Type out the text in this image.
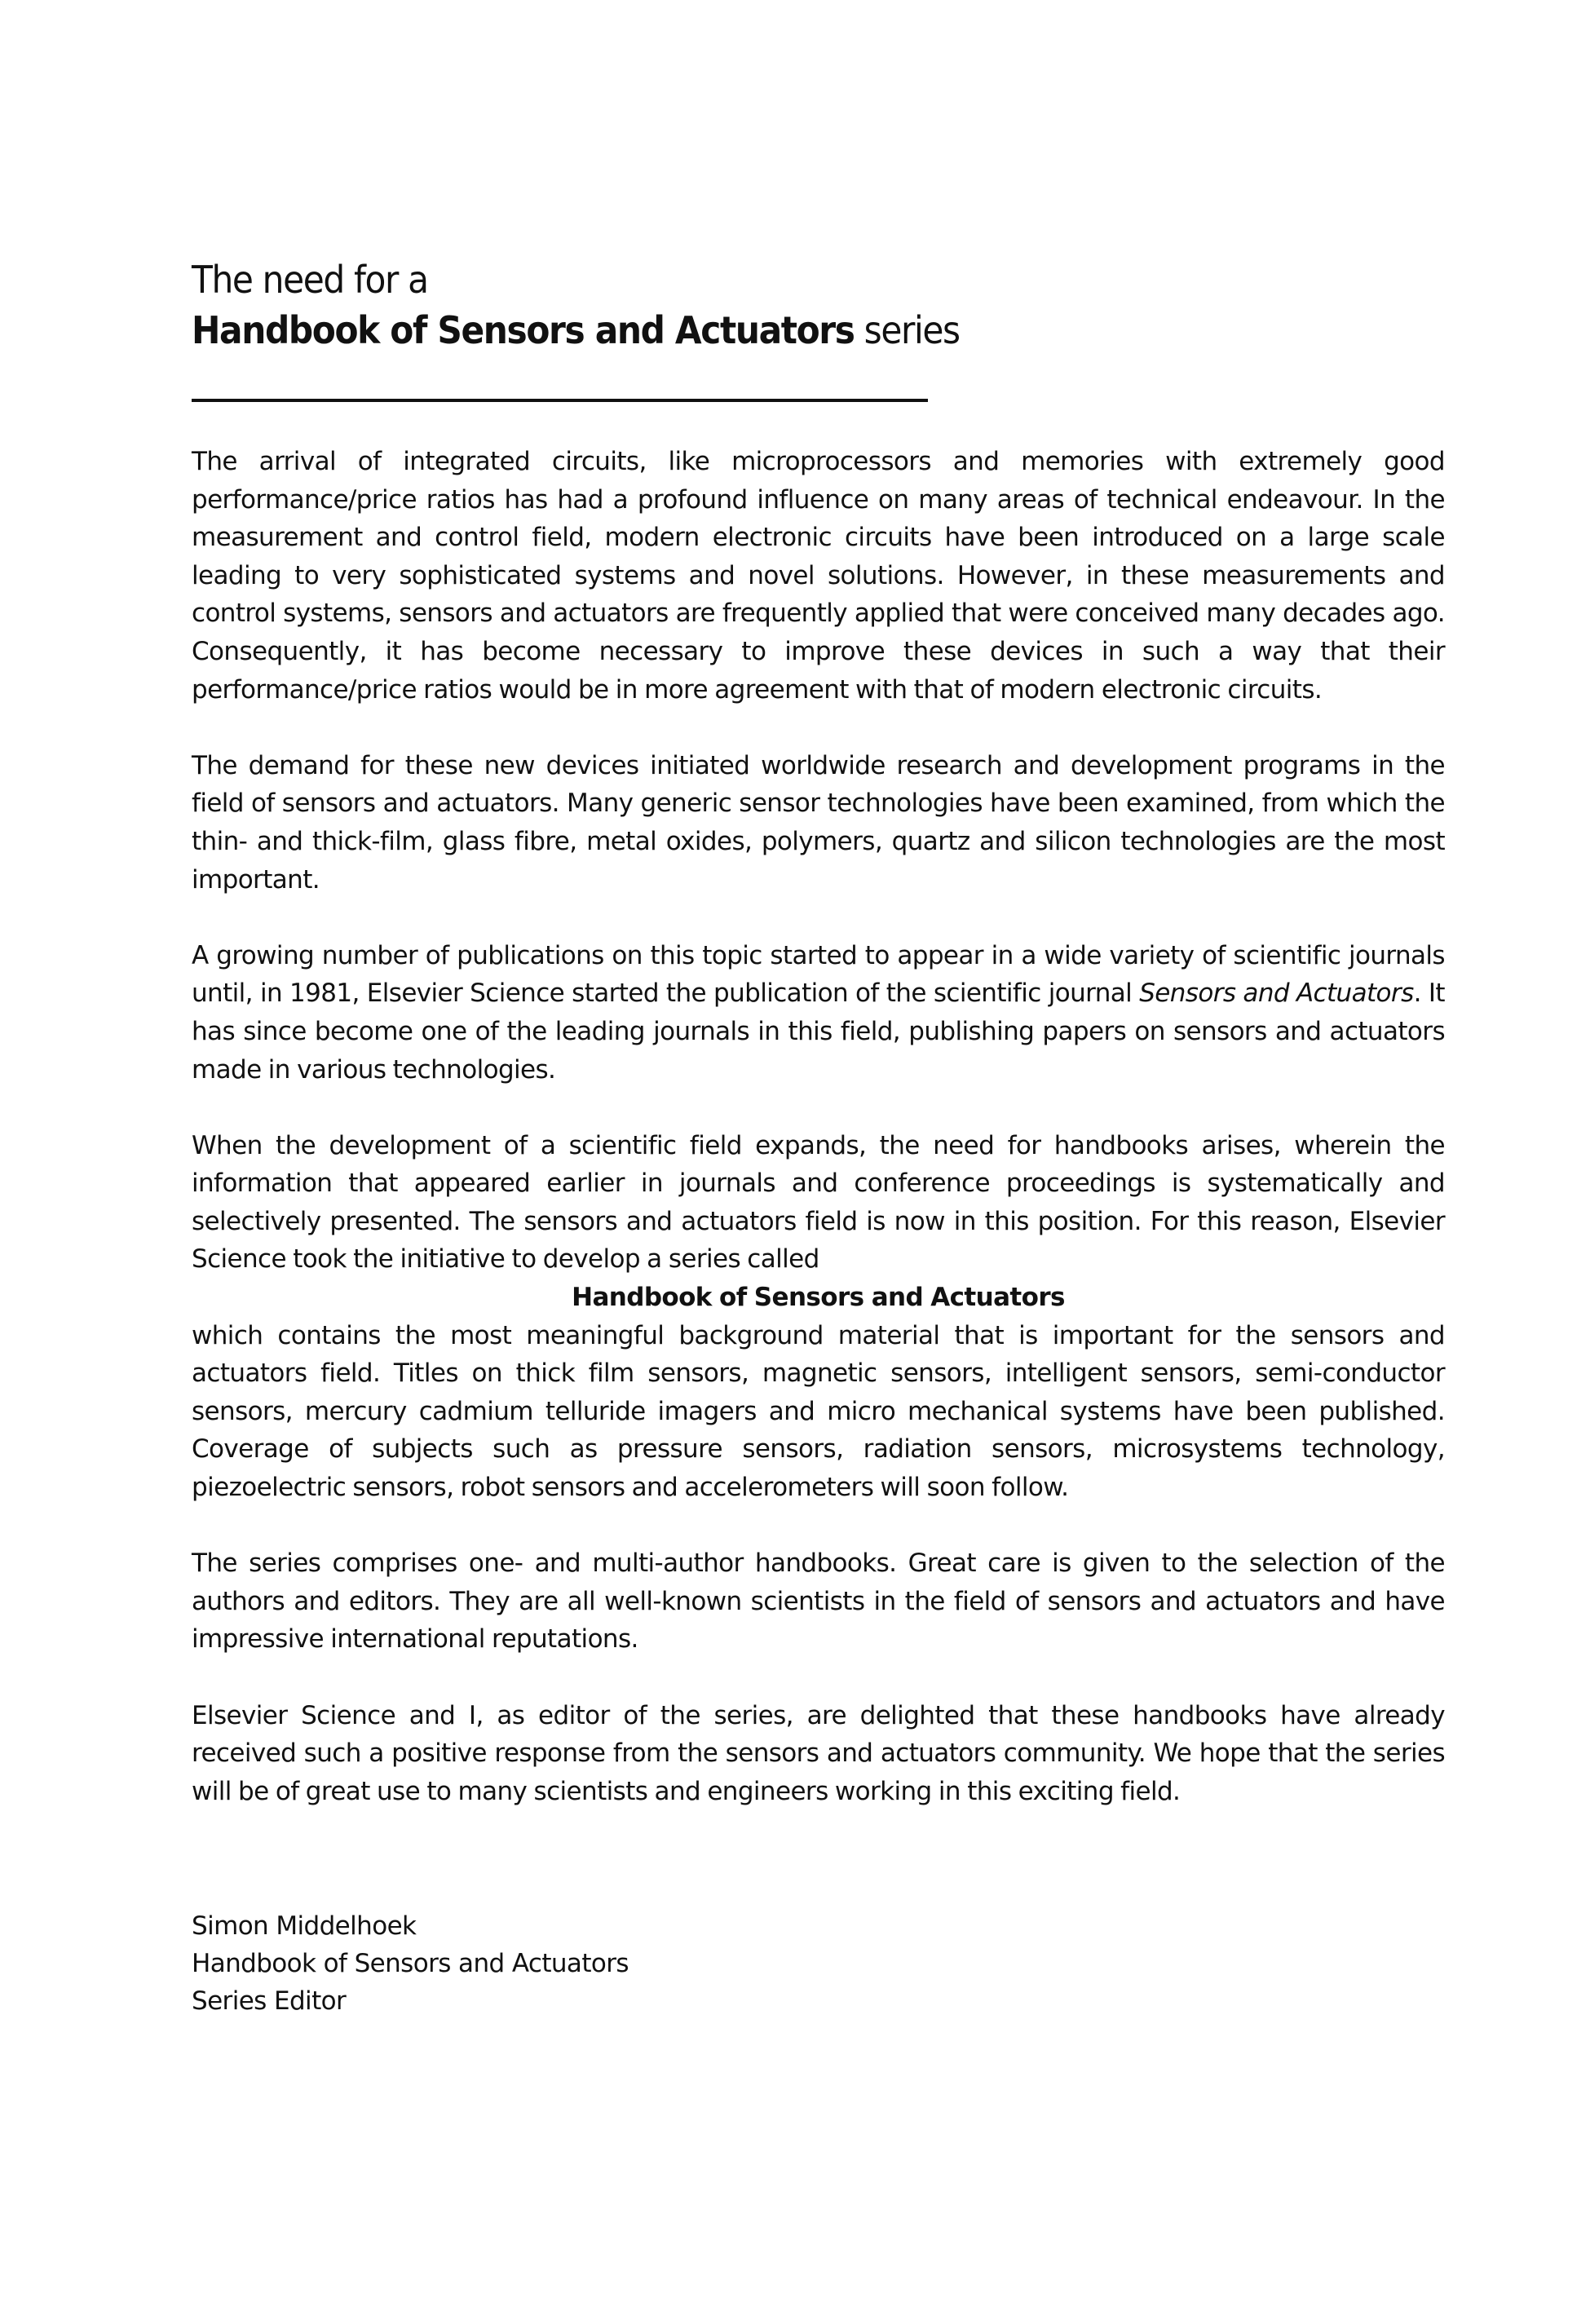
The need for a
Handbook of Sensors and Actuators series

The arrival of integrated circuits, like microprocessors and memories with extremely good performance/price ratios has had a profound influence on many areas of technical endeavour. In the measurement and control field, modern electronic circuits have been introduced on a large scale leading to very sophisticated systems and novel solutions. However, in these measurements and control systems, sensors and actuators are frequently applied that were conceived many decades ago. Consequently, it has become necessary to improve these devices in such a way that their performance/price ratios would be in more agreement with that of modern electronic circuits.

The demand for these new devices initiated worldwide research and development programs in the field of sensors and actuators. Many generic sensor technologies have been examined, from which the thin- and thick-film, glass fibre, metal oxides, polymers, quartz and silicon technologies are the most important.

A growing number of publications on this topic started to appear in a wide variety of scientific journals until, in 1981, Elsevier Science started the publication of the scientific journal Sensors and Actuators. It has since become one of the leading journals in this field, publishing papers on sensors and actuators made in various technologies.

When the development of a scientific field expands, the need for handbooks arises, wherein the information that appeared earlier in journals and conference proceedings is systematically and selectively presented. The sensors and actuators field is now in this position. For this reason, Elsevier Science took the initiative to develop a series called

Handbook of Sensors and Actuators

which contains the most meaningful background material that is important for the sensors and actuators field. Titles on thick film sensors, magnetic sensors, intelligent sensors, semi-conductor sensors, mercury cadmium telluride imagers and micro mechanical systems have been published. Coverage of subjects such as pressure sensors, radiation sensors, microsystems technology, piezoelectric sensors, robot sensors and accelerometers will soon follow.

The series comprises one- and multi-author handbooks. Great care is given to the selection of the authors and editors. They are all well-known scientists in the field of sensors and actuators and have impressive international reputations.

Elsevier Science and I, as editor of the series, are delighted that these handbooks have already received such a positive response from the sensors and actuators community. We hope that the series will be of great use to many scientists and engineers working in this exciting field.

Simon Middelhoek
Handbook of Sensors and Actuators
Series Editor
